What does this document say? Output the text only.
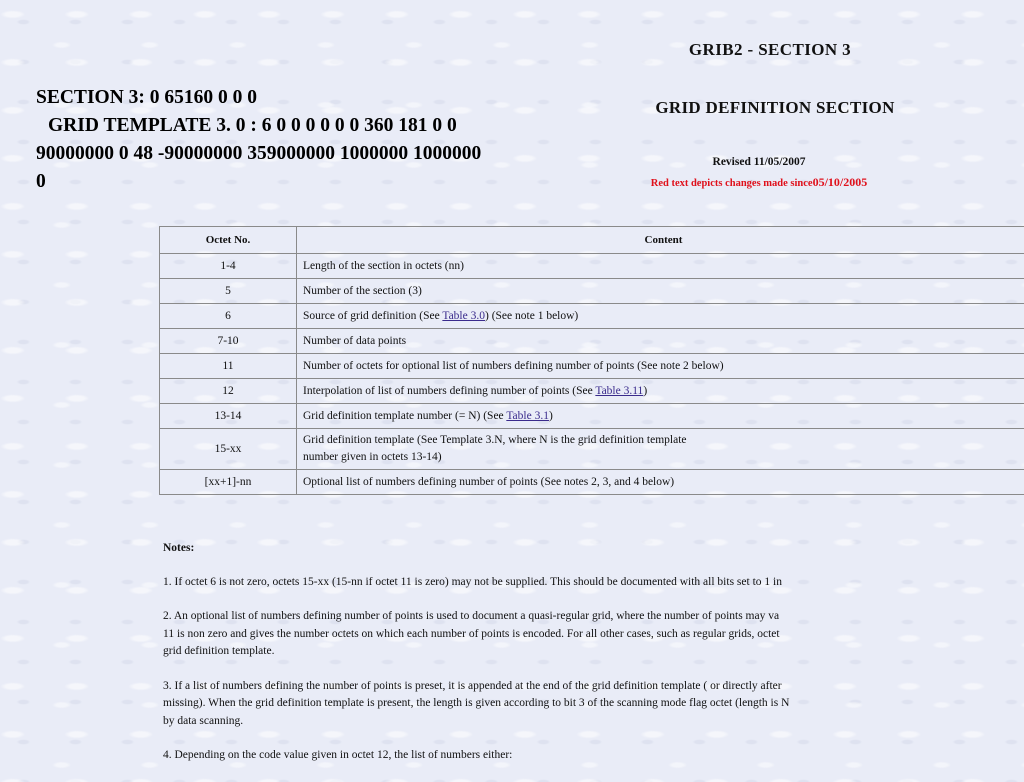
SECTION 3: 0 65160 0 0 0
GRID TEMPLATE 3. 0 : 6 0 0 0 0 0 0 360 181 0 0
90000000 0 48 -90000000 359000000 1000000 1000000
0
GRIB2 - SECTION 3
GRID DEFINITION SECTION
Revised 11/05/2007
Red text depicts changes made since05/10/2005
Octet No.	Content
1-4	Length of the section in octets (nn)
5	Number of the section (3)
6	Source of grid definition (See Table 3.0) (See note 1 below)
7-10	Number of data points
11	Number of octets for optional list of numbers defining number of points (See note 2 below)
12	Interpolation of list of numbers defining number of points (See Table 3.11)
13-14	Grid definition template number (= N) (See Table 3.1)
15-xx	Grid definition template (See Template 3.N, where N is the grid definition template
number given in octets 13-14)

[xx+1]-nn	Optional list of numbers defining number of points (See notes 2, 3, and 4 below)
Notes:
1. If octet 6 is not zero, octets 15-xx (15-nn if octet 11 is zero) may not be supplied. This should be documented with all bits set to 1 in
2. An optional list of numbers defining number of points is used to document a quasi-regular grid, where the number of points may va
11 is non zero and gives the number octets on which each number of points is encoded. For all other cases, such as regular grids, octet
grid definition template.
3. If a list of numbers defining the number of points is preset, it is appended at the end of the grid definition template ( or directly after
missing). When the grid definition template is present, the length is given according to bit 3 of the scanning mode flag octet (length is N
by data scanning.
4. Depending on the code value given in octet 12, the list of numbers either:
